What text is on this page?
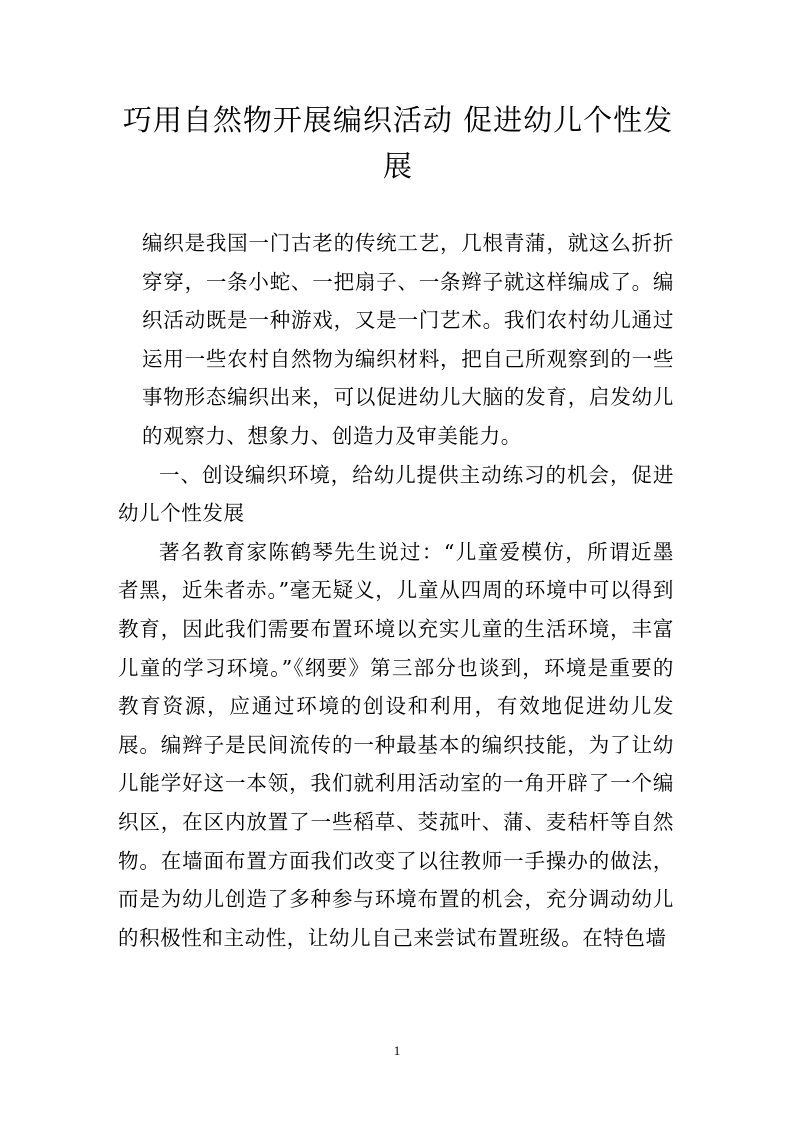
巧用自然物开展编织活动 促进幼儿个性发展

编织是我国一门古老的传统工艺，几根青蒲，就这么折折穿穿，一条小蛇、一把扇子、一条辫子就这样编成了。编织活动既是一种游戏，又是一门艺术。我们农村幼儿通过运用一些农村自然物为编织材料，把自己所观察到的一些事物形态编织出来，可以促进幼儿大脑的发育，启发幼儿的观察力、想象力、创造力及审美能力。

一、创设编织环境，给幼儿提供主动练习的机会，促进幼儿个性发展

著名教育家陈鹤琴先生说过：“儿童爱模仿，所谓近墨者黑，近朱者赤。”毫无疑义，儿童从四周的环境中可以得到教育，因此我们需要布置环境以充实儿童的生活环境，丰富儿童的学习环境。”《纲要》第三部分也谈到，环境是重要的教育资源，应通过环境的创设和利用，有效地促进幼儿发展。编辫子是民间流传的一种最基本的编织技能，为了让幼儿能学好这一本领，我们就利用活动室的一角开辟了一个编织区，在区内放置了一些稻草、茭菰叶、蒲、麦秸杆等自然物。在墙面布置方面我们改变了以往教师一手操办的做法，而是为幼儿创造了多种参与环境布置的机会，充分调动幼儿的积极性和主动性，让幼儿自己来尝试布置班级。在特色墙

1
